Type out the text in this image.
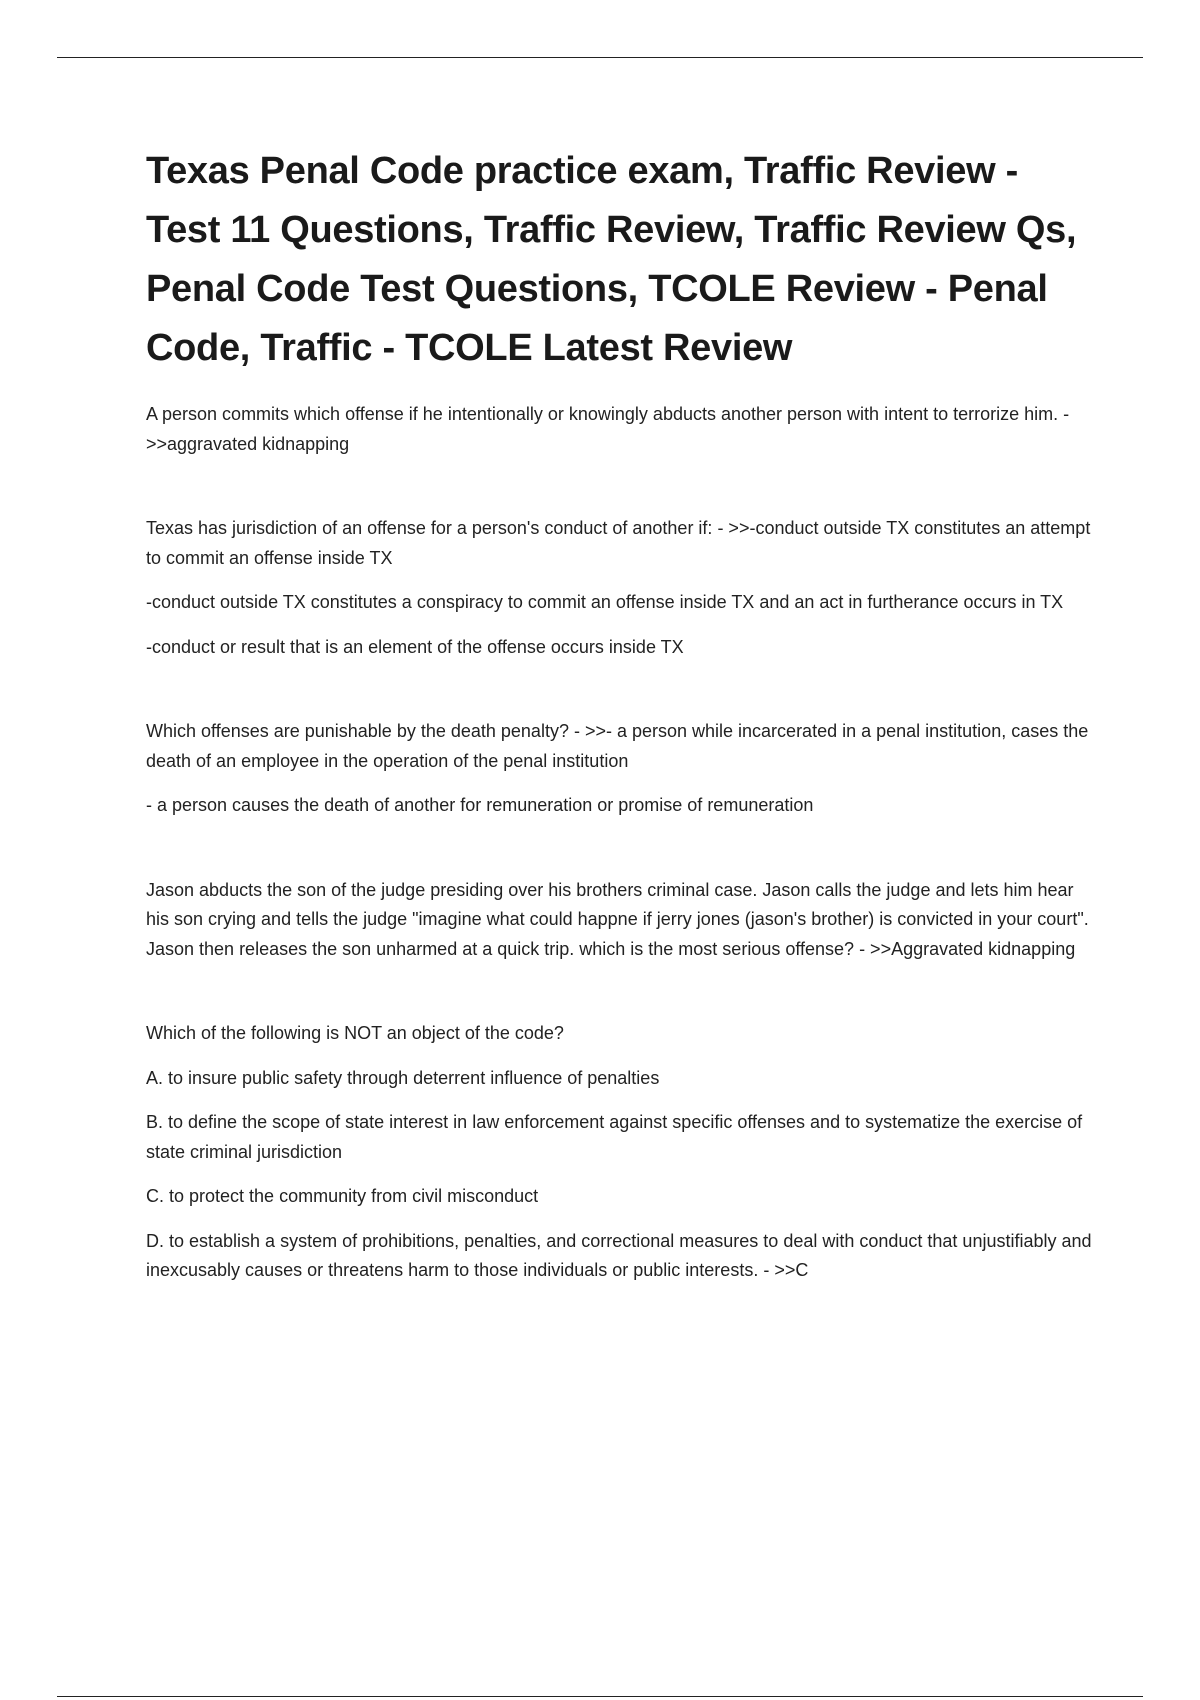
Texas Penal Code practice exam, Traffic Review - Test 11 Questions, Traffic Review, Traffic Review Qs, Penal Code Test Questions, TCOLE Review - Penal Code, Traffic - TCOLE Latest Review

A person commits which offense if he intentionally or knowingly abducts another person with intent to terrorize him. - >>aggravated kidnapping

Texas has jurisdiction of an offense for a person's conduct of another if: - >>-conduct outside TX constitutes an attempt to commit an offense inside TX

-conduct outside TX constitutes a conspiracy to commit an offense inside TX and an act in furtherance occurs in TX

-conduct or result that is an element of the offense occurs inside TX

Which offenses are punishable by the death penalty? - >>- a person while incarcerated in a penal institution, cases the death of an employee in the operation of the penal institution

- a person causes the death of another for remuneration or promise of remuneration

Jason abducts the son of the judge presiding over his brothers criminal case. Jason calls the judge and lets him hear his son crying and tells the judge "imagine what could happne if jerry jones (jason's brother) is convicted in your court". Jason then releases the son unharmed at a quick trip. which is the most serious offense? - >>Aggravated kidnapping

Which of the following is NOT an object of the code?

A. to insure public safety through deterrent influence of penalties

B. to define the scope of state interest in law enforcement against specific offenses and to systematize the exercise of state criminal jurisdiction

C. to protect the community from civil misconduct

D. to establish a system of prohibitions, penalties, and correctional measures to deal with conduct that unjustifiably and inexcusably causes or threatens harm to those individuals or public interests. - >>C
